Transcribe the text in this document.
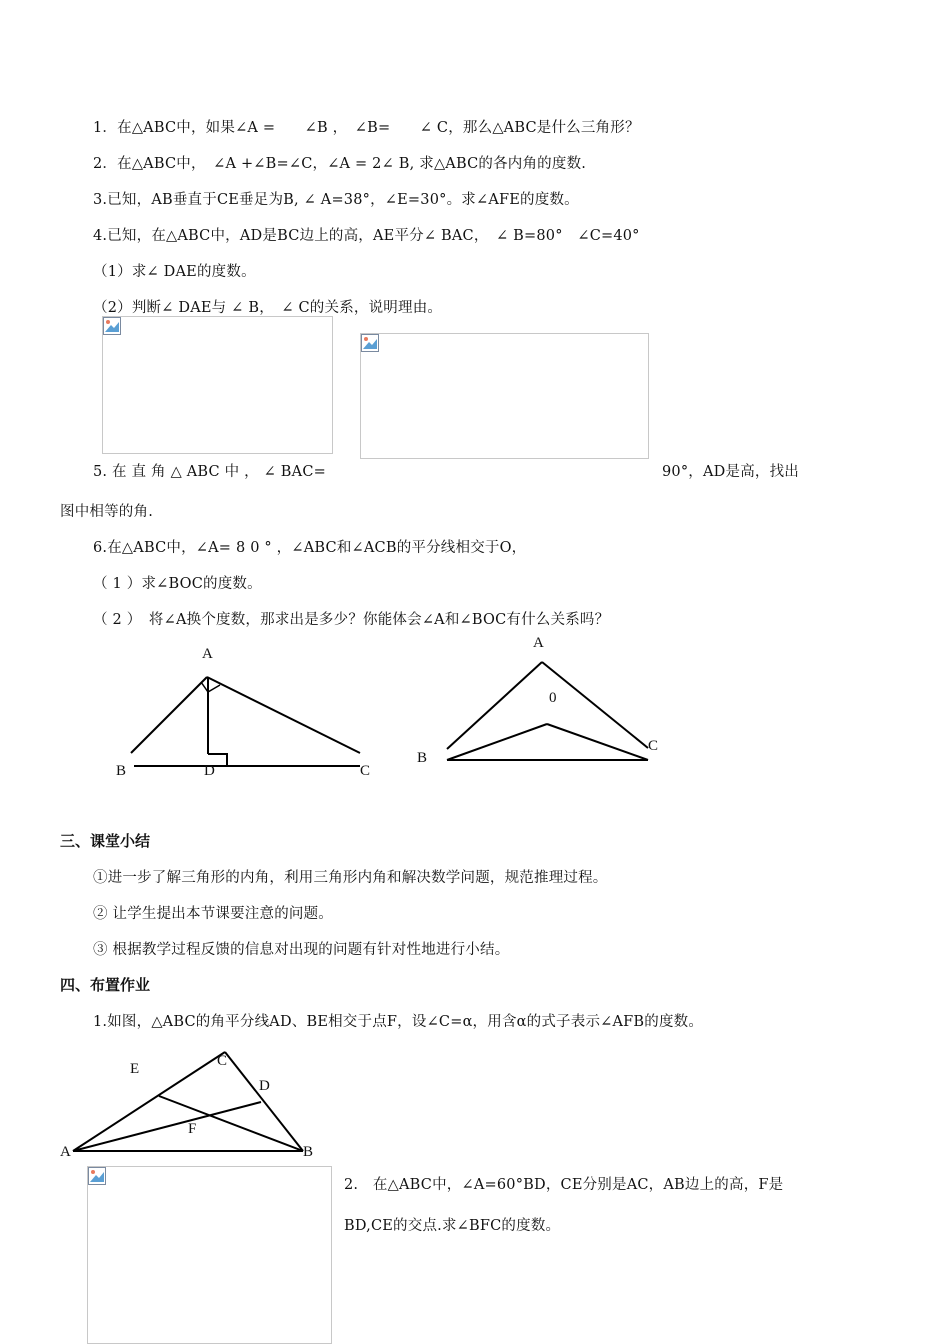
1．在△ABC中，如果∠A =　　∠B ，　∠B=　　∠ C，那么△ABC是什么三角形？
2．在△ABC中，　∠A +∠B=∠C，∠A = 2∠ B, 求△ABC的各内角的度数.
3.已知，AB垂直于CE垂足为B, ∠ A=38°，∠E=30°。求∠AFE的度数。
4.已知，在△ABC中，AD是BC边上的高，AE平分∠ BAC，　∠ B=80°　∠C=40°
（1）求∠ DAE的度数。
（2）判断∠ DAE与 ∠ B，　∠ C的关系，说明理由。
5. 在 直 角 △ ABC 中 ， ∠ BAC=	90°，AD是高，找出
图中相等的角.
6.在△ABC中，∠A= 8 0 ° ，∠ABC和∠ACB的平分线相交于O，
（ 1 ）求∠BOC的度数。
（ 2 ）　将∠A换个度数，那求出是多少？你能体会∠A和∠BOC有什么关系吗？
A
B	D	C
A
0
B
C
三、课堂小结
①进一步了解三角形的内角，利用三角形内角和解决数学问题，规范推理过程。
② 让学生提出本节课要注意的问题。
③ 根据教学过程反馈的信息对出现的问题有针对性地进行小结。
四、布置作业
1.如图，△ABC的角平分线AD、BE相交于点F，设∠C=α，用含α的式子表示∠AFB的度数。
E	C
D
F
A	B
2.　在△ABC中，∠A=60°BD，CE分别是AC，AB边上的高，F是
BD,CE的交点.求∠BFC的度数。
